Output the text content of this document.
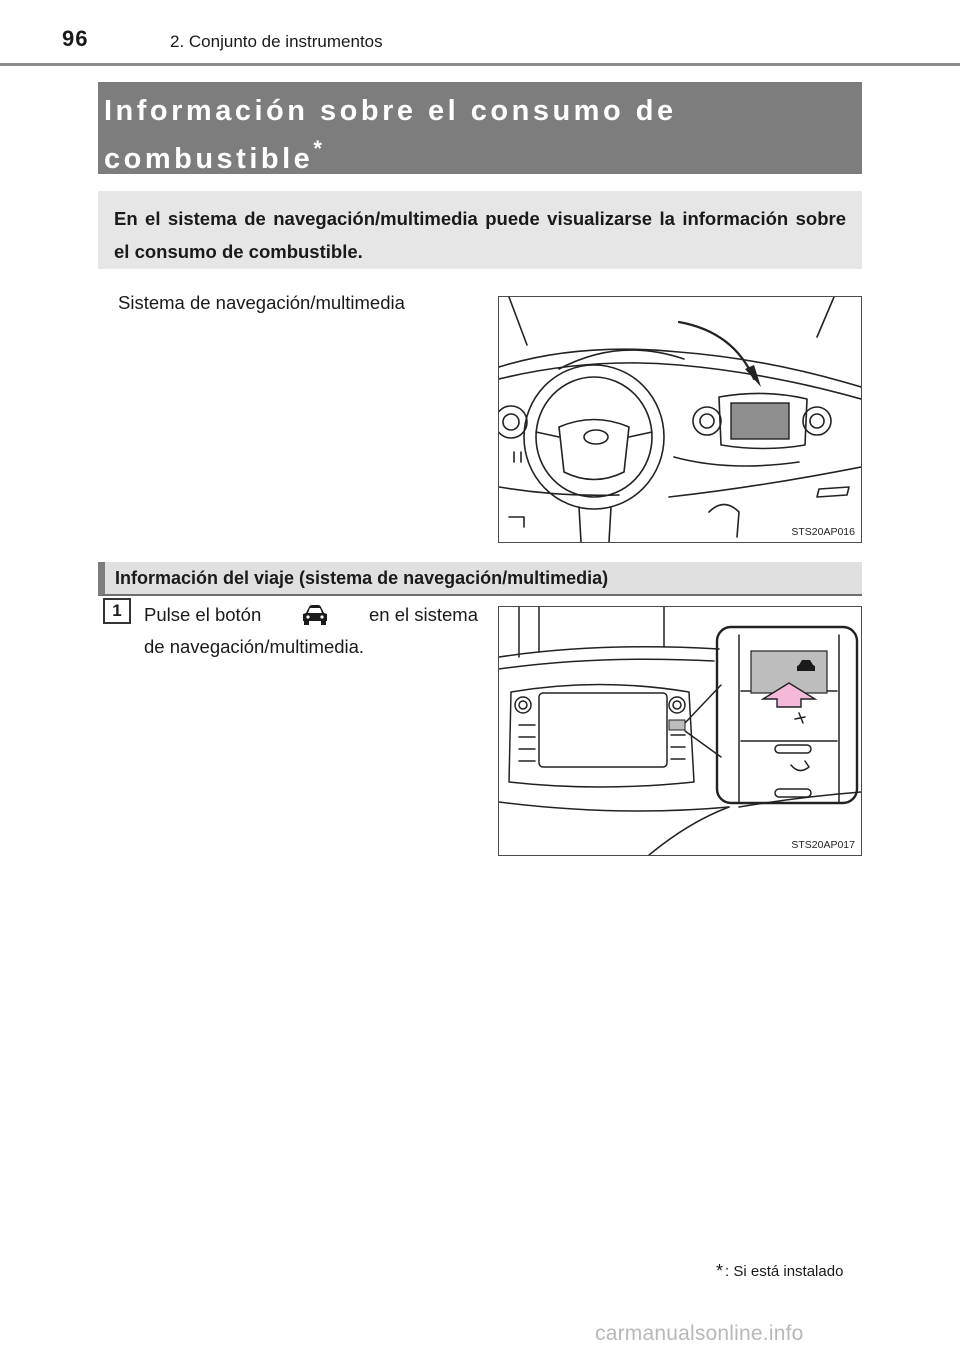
96	2. Conjunto de instrumentos
Información sobre el consumo de combustible*
En el sistema de navegación/multimedia puede visualizarse la información sobre el consumo de combustible.
Sistema de navegación/multimedia
STS20AP016
Información del viaje (sistema de navegación/multimedia)
1	Pulse el botón	en el sistema
de navegación/multimedia.
STS20AP017
* : Si está instalado
carmanualsonline.info
